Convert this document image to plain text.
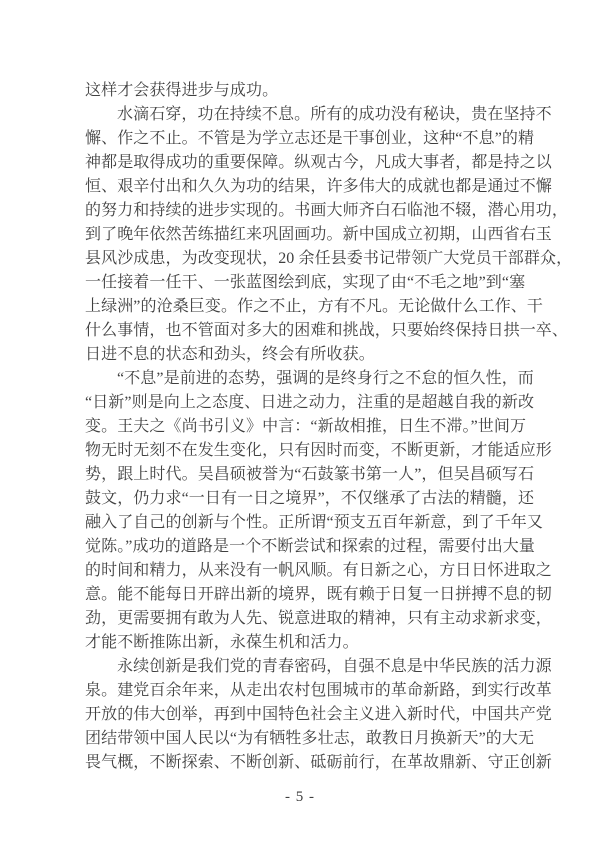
这样才会获得进步与成功。
水滴石穿，功在持续不息。所有的成功没有秘诀，贵在坚持不
懈、作之不止。不管是为学立志还是干事创业，这种“不息”的精
神都是取得成功的重要保障。纵观古今，凡成大事者，都是持之以
恒、艰辛付出和久久为功的结果，许多伟大的成就也都是通过不懈
的努力和持续的进步实现的。书画大师齐白石临池不辍，潜心用功，
到了晚年依然苦练描红来巩固画功。新中国成立初期，山西省右玉
县风沙成患，为改变现状，20 余任县委书记带领广大党员干部群众，
一任接着一任干、一张蓝图绘到底，实现了由“不毛之地”到“塞
上绿洲”的沧桑巨变。作之不止，方有不凡。无论做什么工作、干
什么事情，也不管面对多大的困难和挑战，只要始终保持日拱一卒、
日进不息的状态和劲头，终会有所收获。
“不息”是前进的态势，强调的是终身行之不怠的恒久性，而
“日新”则是向上之态度、日进之动力，注重的是超越自我的新改
变。王夫之《尚书引义》中言：“新故相推，日生不滞。”世间万
物无时无刻不在发生变化，只有因时而变，不断更新，才能适应形
势，跟上时代。吴昌硕被誉为“石鼓篆书第一人”，但吴昌硕写石
鼓文，仍力求“一日有一日之境界”，不仅继承了古法的精髓，还
融入了自己的创新与个性。正所谓“预支五百年新意，到了千年又
觉陈。”成功的道路是一个不断尝试和探索的过程，需要付出大量
的时间和精力，从来没有一帆风顺。有日新之心，方日日怀进取之
意。能不能每日开辟出新的境界，既有赖于日复一日拼搏不息的韧
劲，更需要拥有敢为人先、锐意进取的精神，只有主动求新求变，
才能不断推陈出新，永葆生机和活力。
永续创新是我们党的青春密码，自强不息是中华民族的活力源
泉。建党百余年来，从走出农村包围城市的革命新路，到实行改革
开放的伟大创举，再到中国特色社会主义进入新时代，中国共产党
团结带领中国人民以“为有牺牲多壮志，敢教日月换新天”的大无
畏气概，不断探索、不断创新、砥砺前行，在革故鼎新、守正创新
- 5 -
